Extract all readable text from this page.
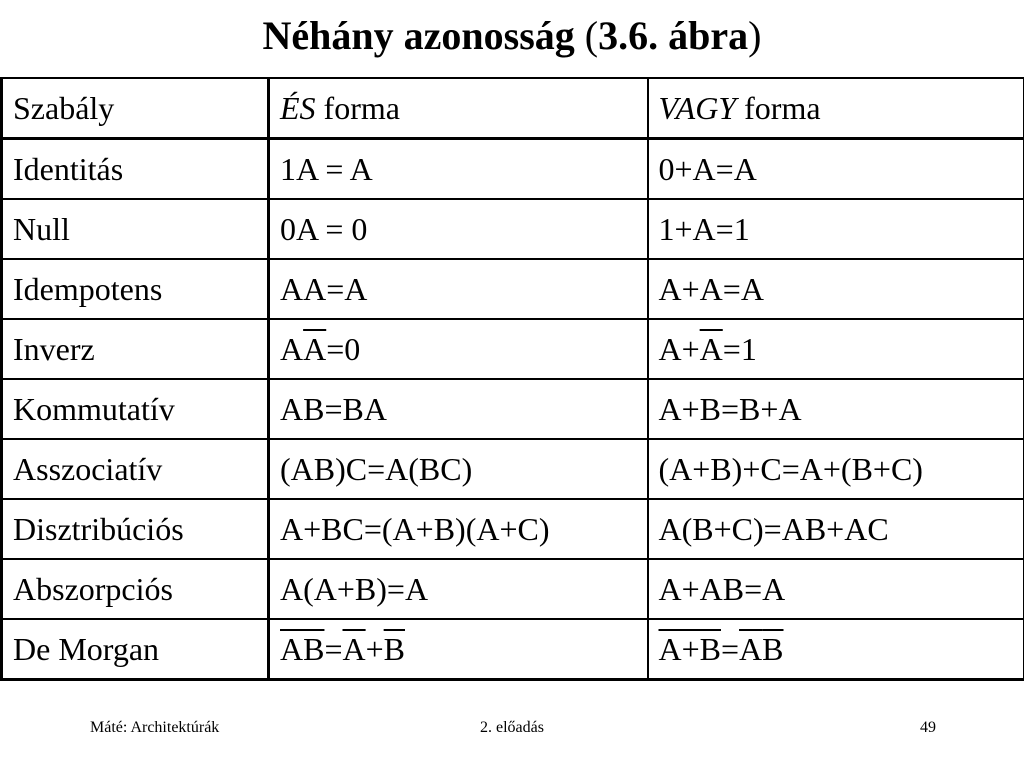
Néhány azonosság (3.6. ábra)
Szabály	ÉS forma	VAGY forma
Identitás	1A = A	0+A=A
Null	0A = 0	1+A=1
Idempotens	AA=A	A+A=A
Inverz	$A\overline{A}=0$	$A+\overline{A}=1$
Kommutatív	AB=BA	A+B=B+A
Asszociatív	(AB)C=A(BC)	(A+B)+C=A+(B+C)
Disztribúciós	A+BC=(A+B)(A+C)	A(B+C)=AB+AC
Abszorpciós	A(A+B)=A	A+AB=A
De Morgan	$\overline{AB}=\overline{A}+\overline{B}$	$A+B=\overline{A}\overline{B}$
Máté: Architektúrák	2. előadás	49
